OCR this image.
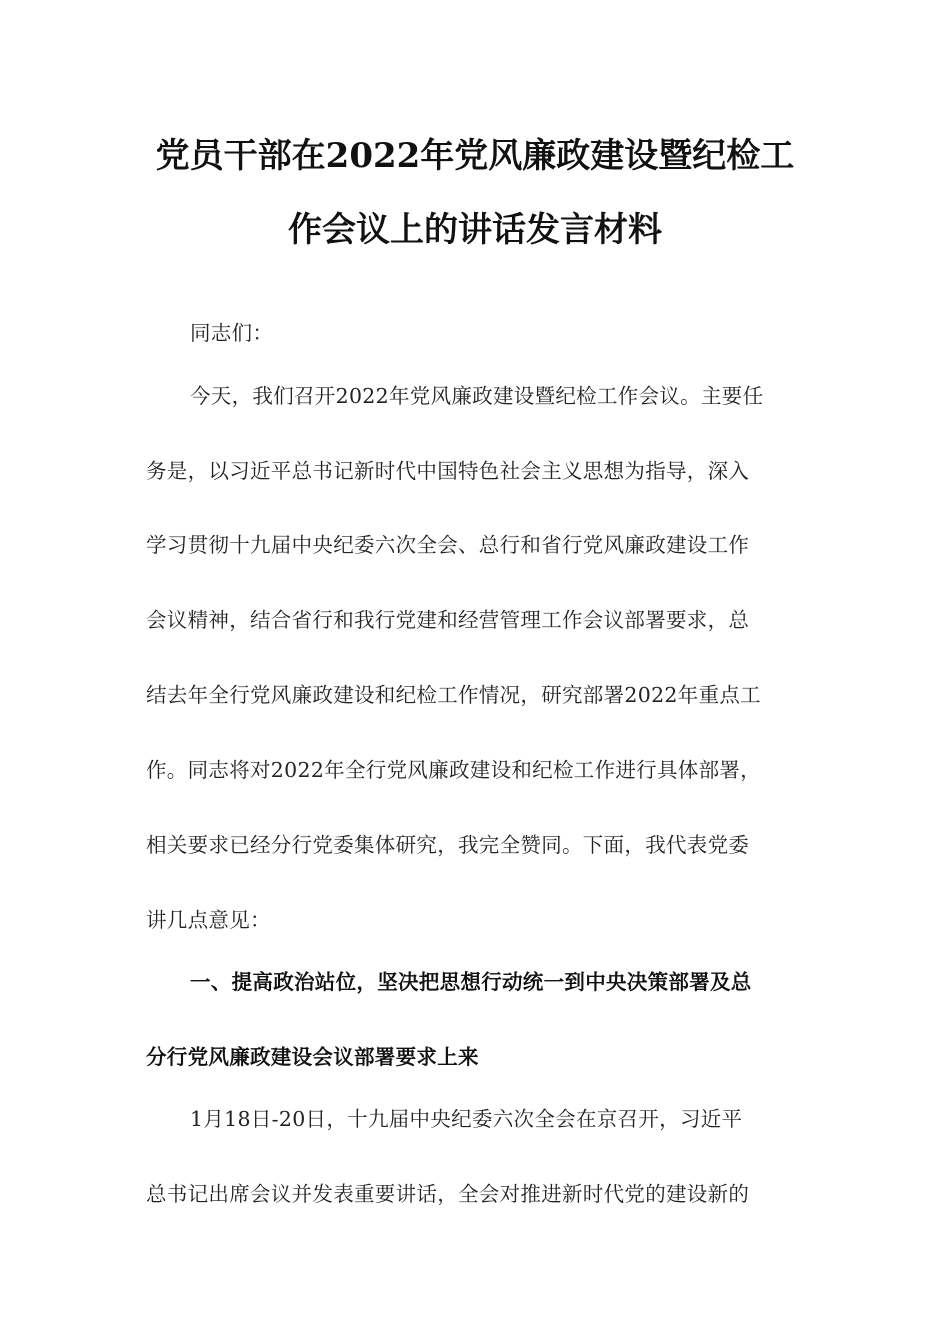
党员干部在2022年党风廉政建设暨纪检工
作会议上的讲话发言材料
同志们：
今天，我们召开2022年党风廉政建设暨纪检工作会议。主要任
务是，以习近平总书记新时代中国特色社会主义思想为指导，深入
学习贯彻十九届中央纪委六次全会、总行和省行党风廉政建设工作
会议精神，结合省行和我行党建和经营管理工作会议部署要求，总
结去年全行党风廉政建设和纪检工作情况，研究部署2022年重点工
作。同志将对2022年全行党风廉政建设和纪检工作进行具体部署，
相关要求已经分行党委集体研究，我完全赞同。下面，我代表党委
讲几点意见：
一、提高政治站位，坚决把思想行动统一到中央决策部署及总
分行党风廉政建设会议部署要求上来
1月18日-20日，十九届中央纪委六次全会在京召开，习近平
总书记出席会议并发表重要讲话，全会对推进新时代党的建设新的
